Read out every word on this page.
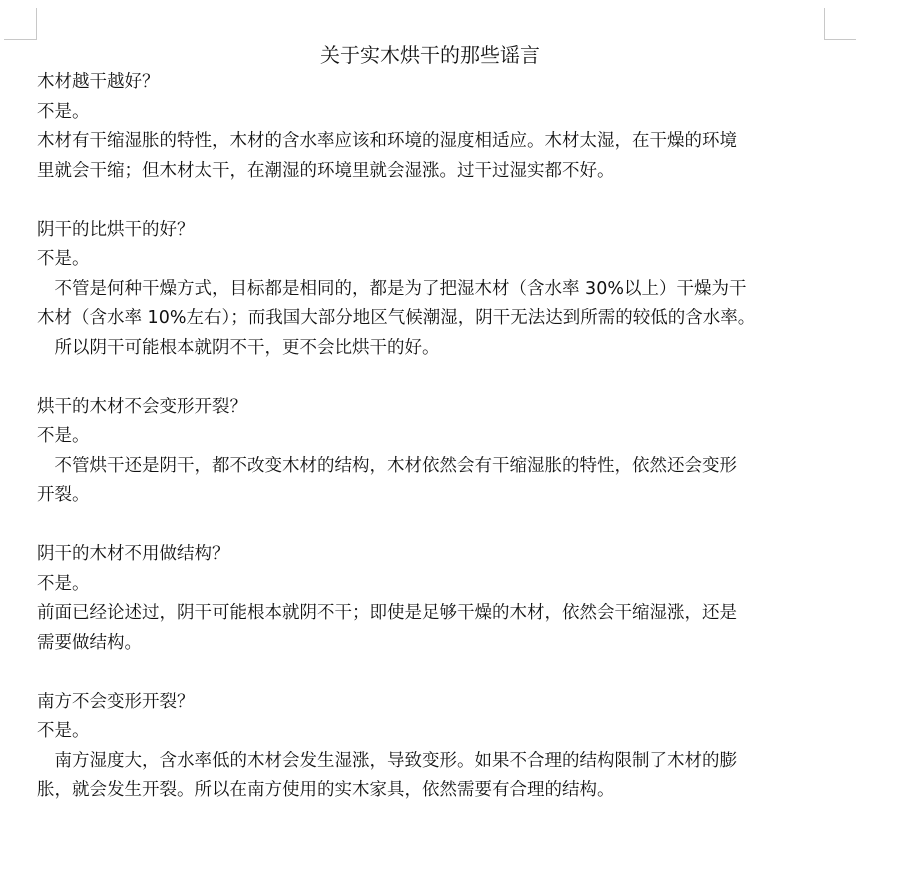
关于实木烘干的那些谣言
木材越干越好？
不是。
木材有干缩湿胀的特性，木材的含水率应该和环境的湿度相适应。木材太湿，在干燥的环境
里就会干缩；但木材太干，在潮湿的环境里就会湿涨。过干过湿实都不好。
阴干的比烘干的好？
不是。
　不管是何种干燥方式，目标都是相同的，都是为了把湿木材（含水率 30%以上）干燥为干
木材（含水率 10%左右）；而我国大部分地区气候潮湿，阴干无法达到所需的较低的含水率。
　所以阴干可能根本就阴不干，更不会比烘干的好。
烘干的木材不会变形开裂？
不是。
　不管烘干还是阴干，都不改变木材的结构，木材依然会有干缩湿胀的特性，依然还会变形
开裂。
阴干的木材不用做结构？
不是。
前面已经论述过，阴干可能根本就阴不干；即使是足够干燥的木材，依然会干缩湿涨，还是
需要做结构。
南方不会变形开裂？
不是。
　南方湿度大，含水率低的木材会发生湿涨，导致变形。如果不合理的结构限制了木材的膨
胀，就会发生开裂。所以在南方使用的实木家具，依然需要有合理的结构。
